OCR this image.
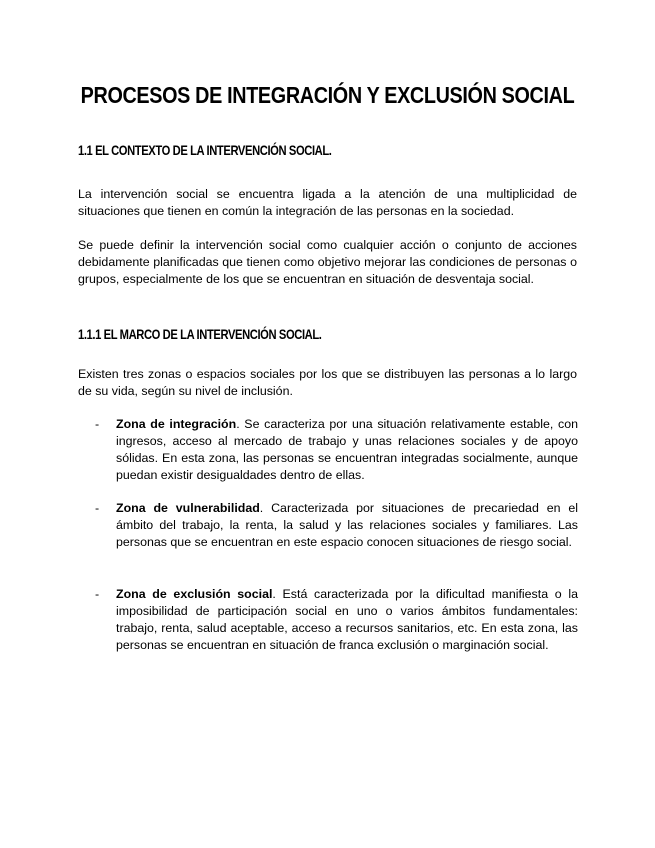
PROCESOS DE INTEGRACIÓN Y EXCLUSIÓN SOCIAL
1.1 EL CONTEXTO DE LA INTERVENCIÓN SOCIAL.

La intervención social se encuentra ligada a la atención de una multiplicidad de situaciones que tienen en común la integración de las personas en la sociedad.

Se puede definir la intervención social como cualquier acción o conjunto de acciones debidamente planificadas que tienen como objetivo mejorar las condiciones de personas o grupos, especialmente de los que se encuentran en situación de desventaja social.

1.1.1 EL MARCO DE LA INTERVENCIÓN SOCIAL.

Existen tres zonas o espacios sociales por los que se distribuyen las personas a lo largo de su vida, según su nivel de inclusión.

- Zona de integración. Se caracteriza por una situación relativamente estable, con ingresos, acceso al mercado de trabajo y unas relaciones sociales y de apoyo sólidas. En esta zona, las personas se encuentran integradas socialmente, aunque puedan existir desigualdades dentro de ellas.

- Zona de vulnerabilidad. Caracterizada por situaciones de precariedad en el ámbito del trabajo, la renta, la salud y las relaciones sociales y familiares. Las personas que se encuentran en este espacio conocen situaciones de riesgo social.

- Zona de exclusión social. Está caracterizada por la dificultad manifiesta o la imposibilidad de participación social en uno o varios ámbitos fundamentales: trabajo, renta, salud aceptable, acceso a recursos sanitarios, etc. En esta zona, las personas se encuentran en situación de franca exclusión o marginación social.
